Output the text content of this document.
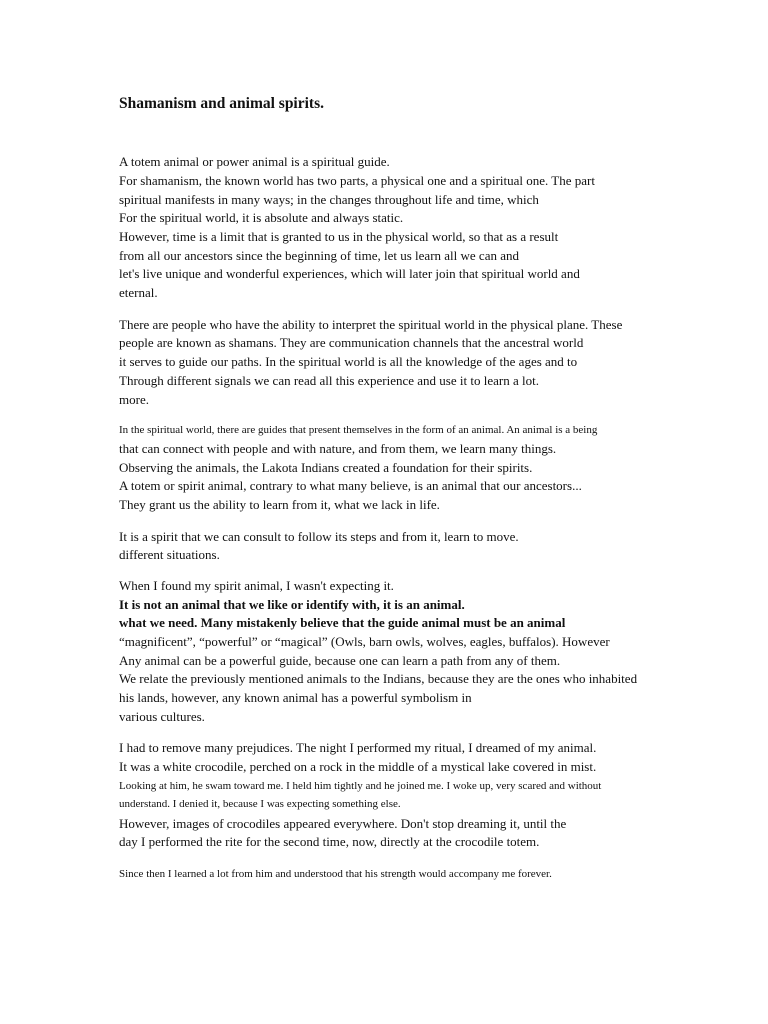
Shamanism and animal spirits.

A totem animal or power animal is a spiritual guide.

For shamanism, the known world has two parts, a physical one and a spiritual one. The part

spiritual manifests in many ways; in the changes throughout life and time, which

For the spiritual world, it is absolute and always static.

However, time is a limit that is granted to us in the physical world, so that as a result

from all our ancestors since the beginning of time, let us learn all we can and

let's live unique and wonderful experiences, which will later join that spiritual world and

eternal.

There are people who have the ability to interpret the spiritual world in the physical plane. These

people are known as shamans. They are communication channels that the ancestral world

it serves to guide our paths. In the spiritual world is all the knowledge of the ages and to

Through different signals we can read all this experience and use it to learn a lot.

more.

In the spiritual world, there are guides that present themselves in the form of an animal. An animal is a being

that can connect with people and with nature, and from them, we learn many things.

Observing the animals, the Lakota Indians created a foundation for their spirits.

A totem or spirit animal, contrary to what many believe, is an animal that our ancestors...

They grant us the ability to learn from it, what we lack in life.

It is a spirit that we can consult to follow its steps and from it, learn to move.

different situations.

When I found my spirit animal, I wasn't expecting it.

It is not an animal that we like or identify with, it is an animal.

what we need. Many mistakenly believe that the guide animal must be an animal

“magnificent”, “powerful” or “magical” (Owls, barn owls, wolves, eagles, buffalos). However

Any animal can be a powerful guide, because one can learn a path from any of them.

We relate the previously mentioned animals to the Indians, because they are the ones who inhabited

his lands, however, any known animal has a powerful symbolism in

various cultures.

I had to remove many prejudices. The night I performed my ritual, I dreamed of my animal.

It was a white crocodile, perched on a rock in the middle of a mystical lake covered in mist.

Looking at him, he swam toward me. I held him tightly and he joined me. I woke up, very scared and without

understand. I denied it, because I was expecting something else.

However, images of crocodiles appeared everywhere. Don't stop dreaming it, until the

day I performed the rite for the second time, now, directly at the crocodile totem.

Since then I learned a lot from him and understood that his strength would accompany me forever.
